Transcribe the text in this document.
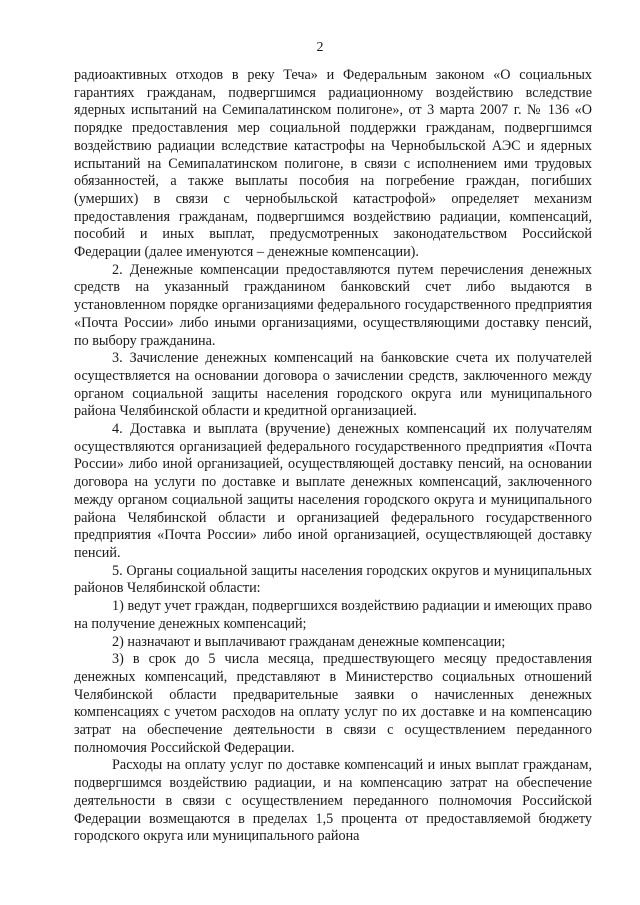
2

радиоактивных отходов в реку Теча» и Федеральным законом «О социальных гарантиях гражданам, подвергшимся радиационному воздействию вследствие ядерных испытаний на Семипалатинском полигоне», от 3 марта 2007 г. № 136 «О порядке предоставления мер социальной поддержки гражданам, подвергшимся воздействию радиации вследствие катастрофы на Чернобыльской АЭС и ядерных испытаний на Семипалатинском полигоне, в связи с исполнением ими трудовых обязанностей, а также выплаты пособия на погребение граждан, погибших (умерших) в связи с чернобыльской катастрофой» определяет механизм предоставления гражданам, подвергшимся воздействию радиации, компенсаций, пособий и иных выплат, предусмотренных законодательством Российской Федерации (далее именуются – денежные компенсации).

2. Денежные компенсации предоставляются путем перечисления денежных средств на указанный гражданином банковский счет либо выдаются в установленном порядке организациями федерального государственного предприятия «Почта России» либо иными организациями, осуществляющими доставку пенсий, по выбору гражданина.

3. Зачисление денежных компенсаций на банковские счета их получателей осуществляется на основании договора о зачислении средств, заключенного между органом социальной защиты населения городского округа или муниципального района Челябинской области и кредитной организацией.

4. Доставка и выплата (вручение) денежных компенсаций их получателям осуществляются организацией федерального государственного предприятия «Почта России» либо иной организацией, осуществляющей доставку пенсий, на основании договора на услуги по доставке и выплате денежных компенсаций, заключенного между органом социальной защиты населения городского округа и муниципального района Челябинской области и организацией федерального государственного предприятия «Почта России» либо иной организацией, осуществляющей доставку пенсий.

5. Органы социальной защиты населения городских округов и муниципальных районов Челябинской области:

1) ведут учет граждан, подвергшихся воздействию радиации и имеющих право на получение денежных компенсаций;

2) назначают и выплачивают гражданам денежные компенсации;

3) в срок до 5 числа месяца, предшествующего месяцу предоставления денежных компенсаций, представляют в Министерство социальных отношений Челябинской области предварительные заявки о начисленных денежных компенсациях с учетом расходов на оплату услуг по их доставке и на компенсацию затрат на обеспечение деятельности в связи с осуществлением переданного полномочия Российской Федерации.

Расходы на оплату услуг по доставке компенсаций и иных выплат гражданам, подвергшимся воздействию радиации, и на компенсацию затрат на обеспечение деятельности в связи с осуществлением переданного полномочия Российской Федерации возмещаются в пределах 1,5 процента от предоставляемой бюджету городского округа или муниципального района
